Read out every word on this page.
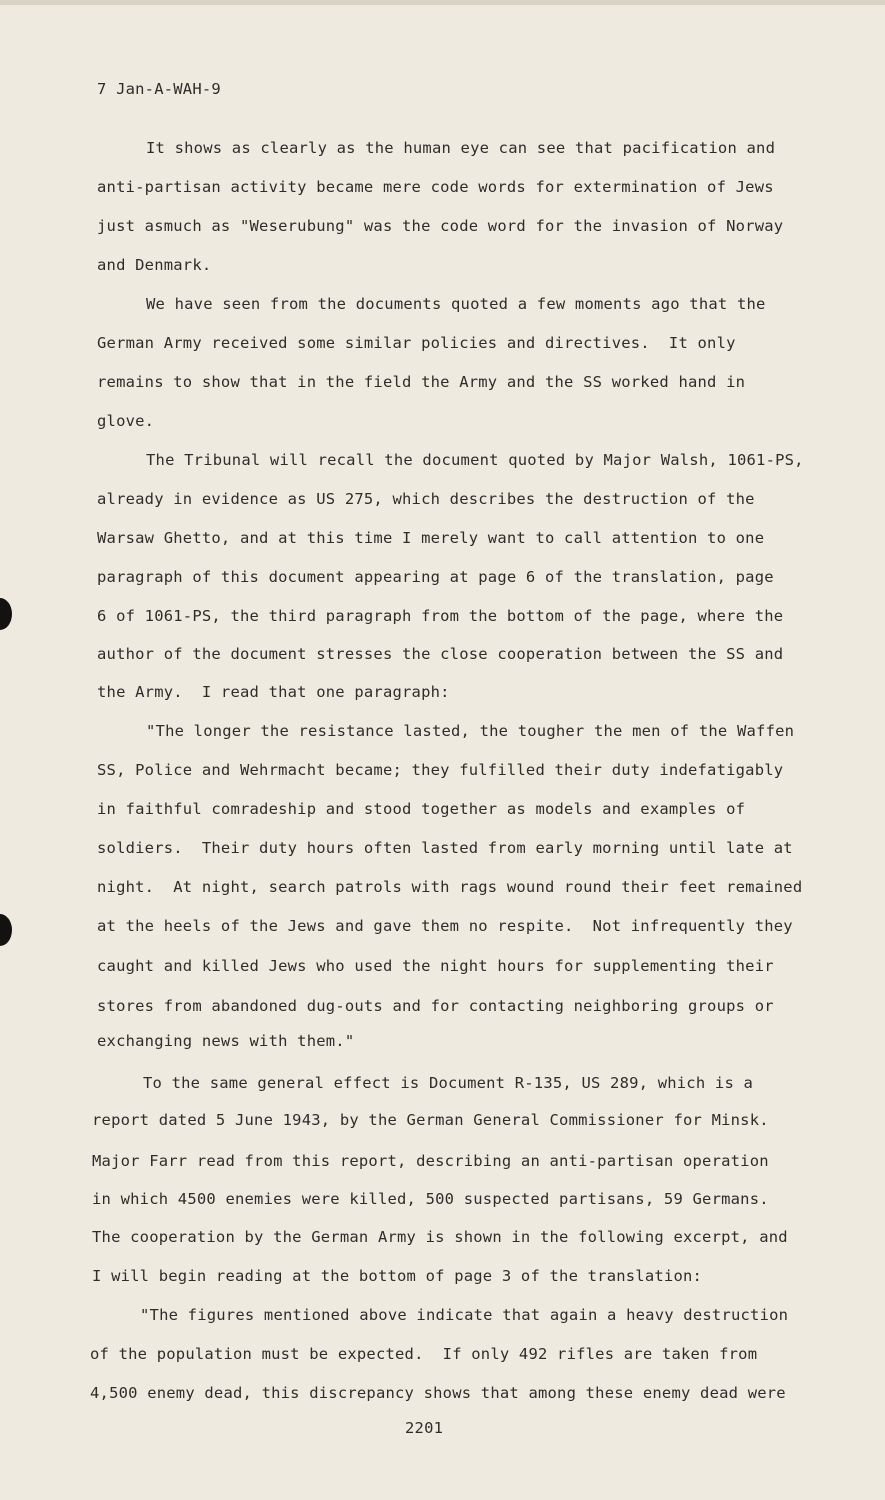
7 Jan-A-WAH-9
It shows as clearly as the human eye can see that pacification and
anti-partisan activity became mere code words for extermination of Jews
just asmuch as "Weserubung" was the code word for the invasion of Norway
and Denmark.
We have seen from the documents quoted a few moments ago that the
German Army received some similar policies and directives.  It only
remains to show that in the field the Army and the SS worked hand in
glove.
The Tribunal will recall the document quoted by Major Walsh, 1061-PS,
already in evidence as US 275, which describes the destruction of the
Warsaw Ghetto, and at this time I merely want to call attention to one
paragraph of this document appearing at page 6 of the translation, page
6 of 1061-PS, the third paragraph from the bottom of the page, where the
author of the document stresses the close cooperation between the SS and
the Army.  I read that one paragraph:
"The longer the resistance lasted, the tougher the men of the Waffen
SS, Police and Wehrmacht became; they fulfilled their duty indefatigably
in faithful comradeship and stood together as models and examples of
soldiers.  Their duty hours often lasted from early morning until late at
night.  At night, search patrols with rags wound round their feet remained
at the heels of the Jews and gave them no respite.  Not infrequently they
caught and killed Jews who used the night hours for supplementing their
stores from abandoned dug-outs and for contacting neighboring groups or
exchanging news with them."
To the same general effect is Document R-135, US 289, which is a
report dated 5 June 1943, by the German General Commissioner for Minsk.
Major Farr read from this report, describing an anti-partisan operation
in which 4500 enemies were killed, 500 suspected partisans, 59 Germans.
The cooperation by the German Army is shown in the following excerpt, and
I will begin reading at the bottom of page 3 of the translation:
"The figures mentioned above indicate that again a heavy destruction
of the population must be expected.  If only 492 rifles are taken from
4,500 enemy dead, this discrepancy shows that among these enemy dead were
2201
